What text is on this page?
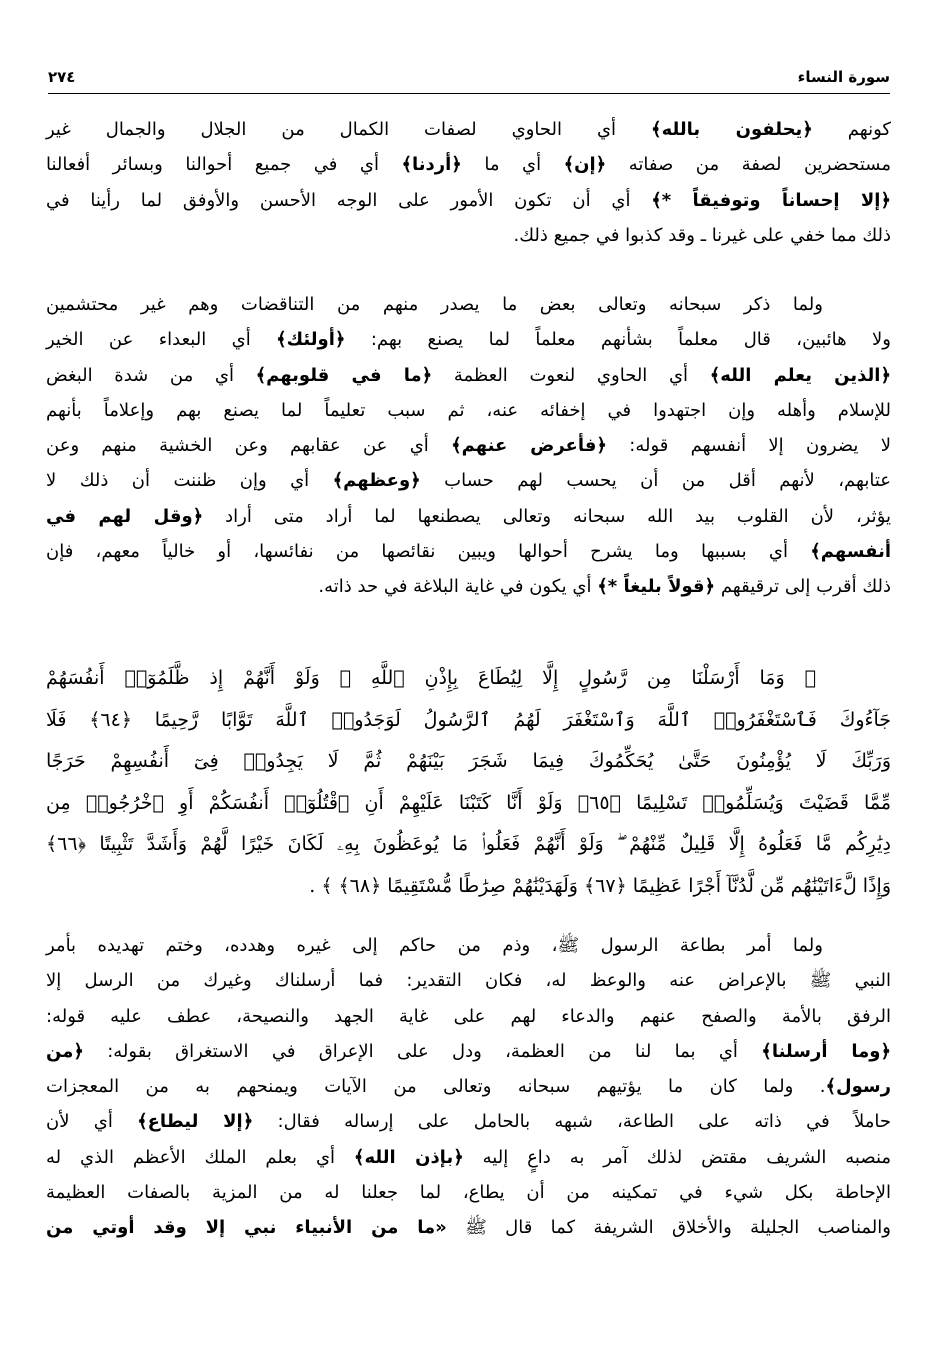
سورة النساء
٢٧٤
كونهم ﴿يحلفون بالله﴾ أي الحاوي لصفات الكمال من الجلال والجمال غير
مستحضرين لصفة من صفاته ﴿إن﴾ أي ما ﴿أردنا﴾ أي في جميع أحوالنا وبسائر أفعالنا
﴿إلا إحساناً وتوفيقاً *﴾ أي أن تكون الأمور على الوجه الأحسن والأوفق لما رأينا في
ذلك مما خفي على غيرنا ـ وقد كذبوا في جميع ذلك.
ولما ذكر سبحانه وتعالى بعض ما يصدر منهم من التناقضات وهم غير محتشمين
ولا هائبين، قال معلماً بشأنهم معلماً لما يصنع بهم: ﴿أولئك﴾ أي البعداء عن الخير
﴿الذين يعلم الله﴾ أي الحاوي لنعوت العظمة ﴿ما في قلوبهم﴾ أي من شدة البغض
للإسلام وأهله وإن اجتهدوا في إخفائه عنه، ثم سبب تعليماً لما يصنع بهم وإعلاماً بأنهم
لا يضرون إلا أنفسهم قوله: ﴿فأعرض عنهم﴾ أي عن عقابهم وعن الخشية منهم وعن
عتابهم، لأنهم أقل من أن يحسب لهم حساب ﴿وعظهم﴾ أي وإن ظننت أن ذلك لا
يؤثر، لأن القلوب بيد الله سبحانه وتعالى يصطنعها لما أراد متى أراد ﴿وقل لهم في
أنفسهم﴾ أي بسببها وما يشرح أحوالها ويبين نقائصها من نفائسها، أو خالياً معهم، فإن
ذلك أقرب إلى ترقيقهم ﴿قولاً بليغاً *﴾ أي يكون في غاية البلاغة في حد ذاته.
﴿ وَمَا أَرْسَلْنَا مِن رَّسُولٍ إِلَّا لِيُطَاعَ بِإِذْنِ ٱللَّهِ ۚ وَلَوْ أَنَّهُمْ إِذ ظَّلَمُوٓا۟ أَنفُسَهُمْ
جَآءُوكَ فَٱسْتَغْفَرُوا۟ ٱللَّهَ وَٱسْتَغْفَرَ لَهُمُ ٱلرَّسُولُ لَوَجَدُوا۟ ٱللَّهَ تَوَّابًا رَّحِيمًا ﴿٦٤﴾ فَلَا
وَرَبِّكَ لَا يُؤْمِنُونَ حَتَّىٰ يُحَكِّمُوكَ فِيمَا شَجَرَ بَيْنَهُمْ ثُمَّ لَا يَجِدُوا۟ فِىٓ أَنفُسِهِمْ حَرَجًا
مِّمَّا قَضَيْتَ وَيُسَلِّمُوا۟ تَسْلِيمًا ﴿٦٥﴾ وَلَوْ أَنَّا كَتَبْنَا عَلَيْهِمْ أَنِ ٱقْتُلُوٓا۟ أَنفُسَكُمْ أَوِ ٱخْرُجُوا۟ مِن
دِيَٰرِكُم مَّا فَعَلُوهُ إِلَّا قَلِيلٌ مِّنْهُمْ ۖ وَلَوْ أَنَّهُمْ فَعَلُوا۟ مَا يُوعَظُونَ بِهِۦ لَكَانَ خَيْرًا لَّهُمْ وَأَشَدَّ تَثْبِيتًا ﴿٦٦﴾
وَإِذًا لَّءَاتَيْنَٰهُم مِّن لَّدُنَّآ أَجْرًا عَظِيمًا ﴿٦٧﴾ وَلَهَدَيْنَٰهُمْ صِرَٰطًا مُّسْتَقِيمًا ﴿٦٨﴾ ﴾ .
ولما أمر بطاعة الرسول ﷺ، وذم من حاكم إلى غيره وهدده، وختم تهديده بأمر
النبي ﷺ بالإعراض عنه والوعظ له، فكان التقدير: فما أرسلناك وغيرك من الرسل إلا
الرفق بالأمة والصفح عنهم والدعاء لهم على غاية الجهد والنصيحة، عطف عليه قوله:
﴿وما أرسلنا﴾ أي بما لنا من العظمة، ودل على الإعراق في الاستغراق بقوله: ﴿من
رسول﴾. ولما كان ما يؤتيهم سبحانه وتعالى من الآيات ويمنحهم به من المعجزات
حاملاً في ذاته على الطاعة، شبهه بالحامل على إرساله فقال: ﴿إلا ليطاع﴾ أي لأن
منصبه الشريف مقتض لذلك آمر به داعٍ إليه ﴿بإذن الله﴾ أي بعلم الملك الأعظم الذي له
الإحاطة بكل شيء في تمكينه من أن يطاع، لما جعلنا له من المزية بالصفات العظيمة
والمناصب الجليلة والأخلاق الشريفة كما قال ﷺ «ما من الأنبياء نبي إلا وقد أوتي من
